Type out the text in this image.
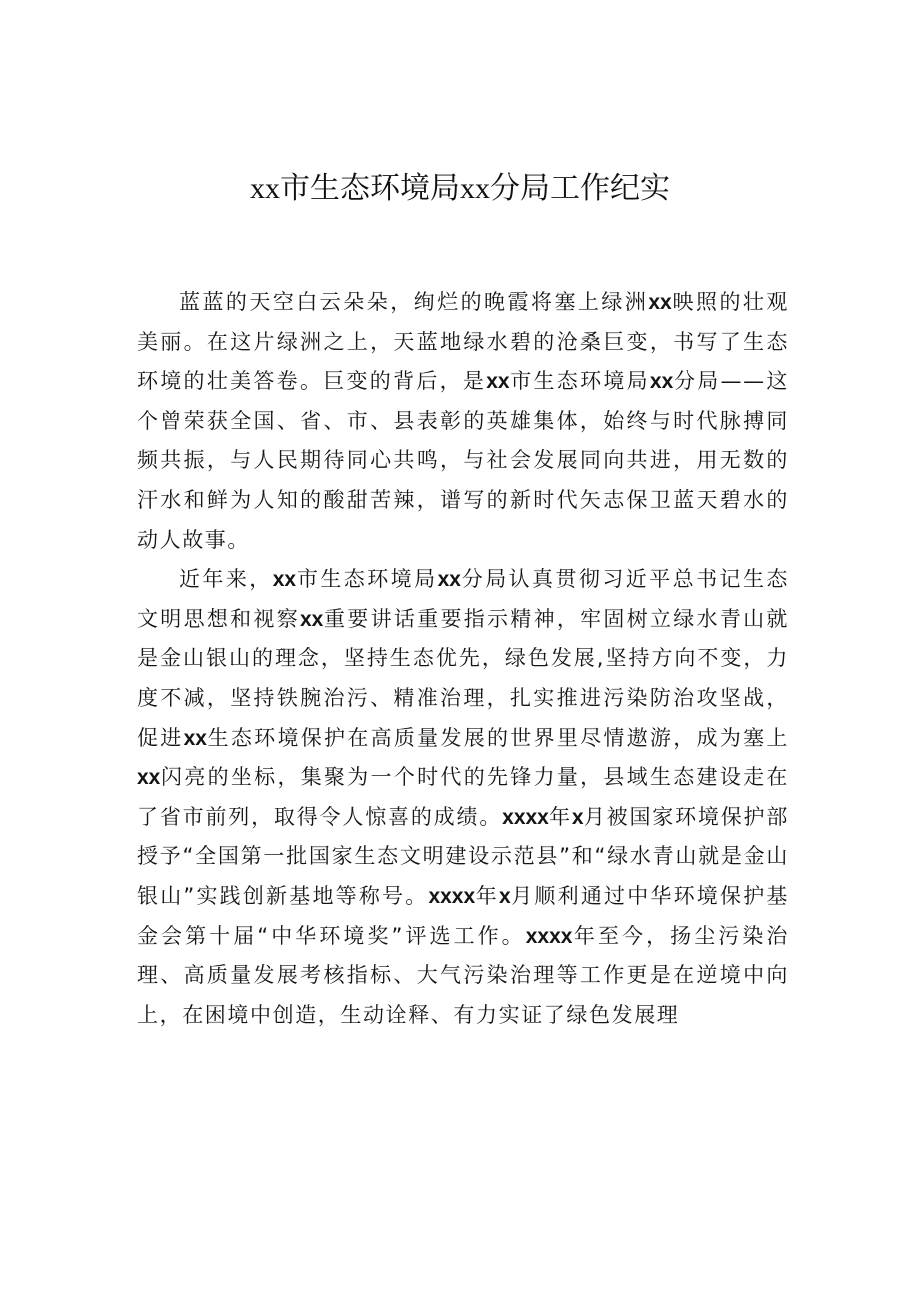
xx市生态环境局xx分局工作纪实

蓝蓝的天空白云朵朵，绚烂的晚霞将塞上绿洲xx映照的壮观美丽。在这片绿洲之上，天蓝地绿水碧的沧桑巨变，书写了生态环境的壮美答卷。巨变的背后，是xx市生态环境局xx分局——这个曾荣获全国、省、市、县表彰的英雄集体，始终与时代脉搏同频共振，与人民期待同心共鸣，与社会发展同向共进，用无数的汗水和鲜为人知的酸甜苦辣，谱写的新时代矢志保卫蓝天碧水的动人故事。

近年来，xx市生态环境局xx分局认真贯彻习近平总书记生态文明思想和视察xx重要讲话重要指示精神，牢固树立绿水青山就是金山银山的理念，坚持生态优先，绿色发展,坚持方向不变，力度不减，坚持铁腕治污、精准治理，扎实推进污染防治攻坚战，促进xx生态环境保护在高质量发展的世界里尽情遨游，成为塞上xx闪亮的坐标，集聚为一个时代的先锋力量，县域生态建设走在了省市前列，取得令人惊喜的成绩。xxxx年x月被国家环境保护部授予“全国第一批国家生态文明建设示范县”和“绿水青山就是金山银山”实践创新基地等称号。xxxx年x月顺利通过中华环境保护基金会第十届“中华环境奖”评选工作。xxxx年至今，扬尘污染治理、高质量发展考核指标、大气污染治理等工作更是在逆境中向上，在困境中创造，生动诠释、有力实证了绿色发展理
